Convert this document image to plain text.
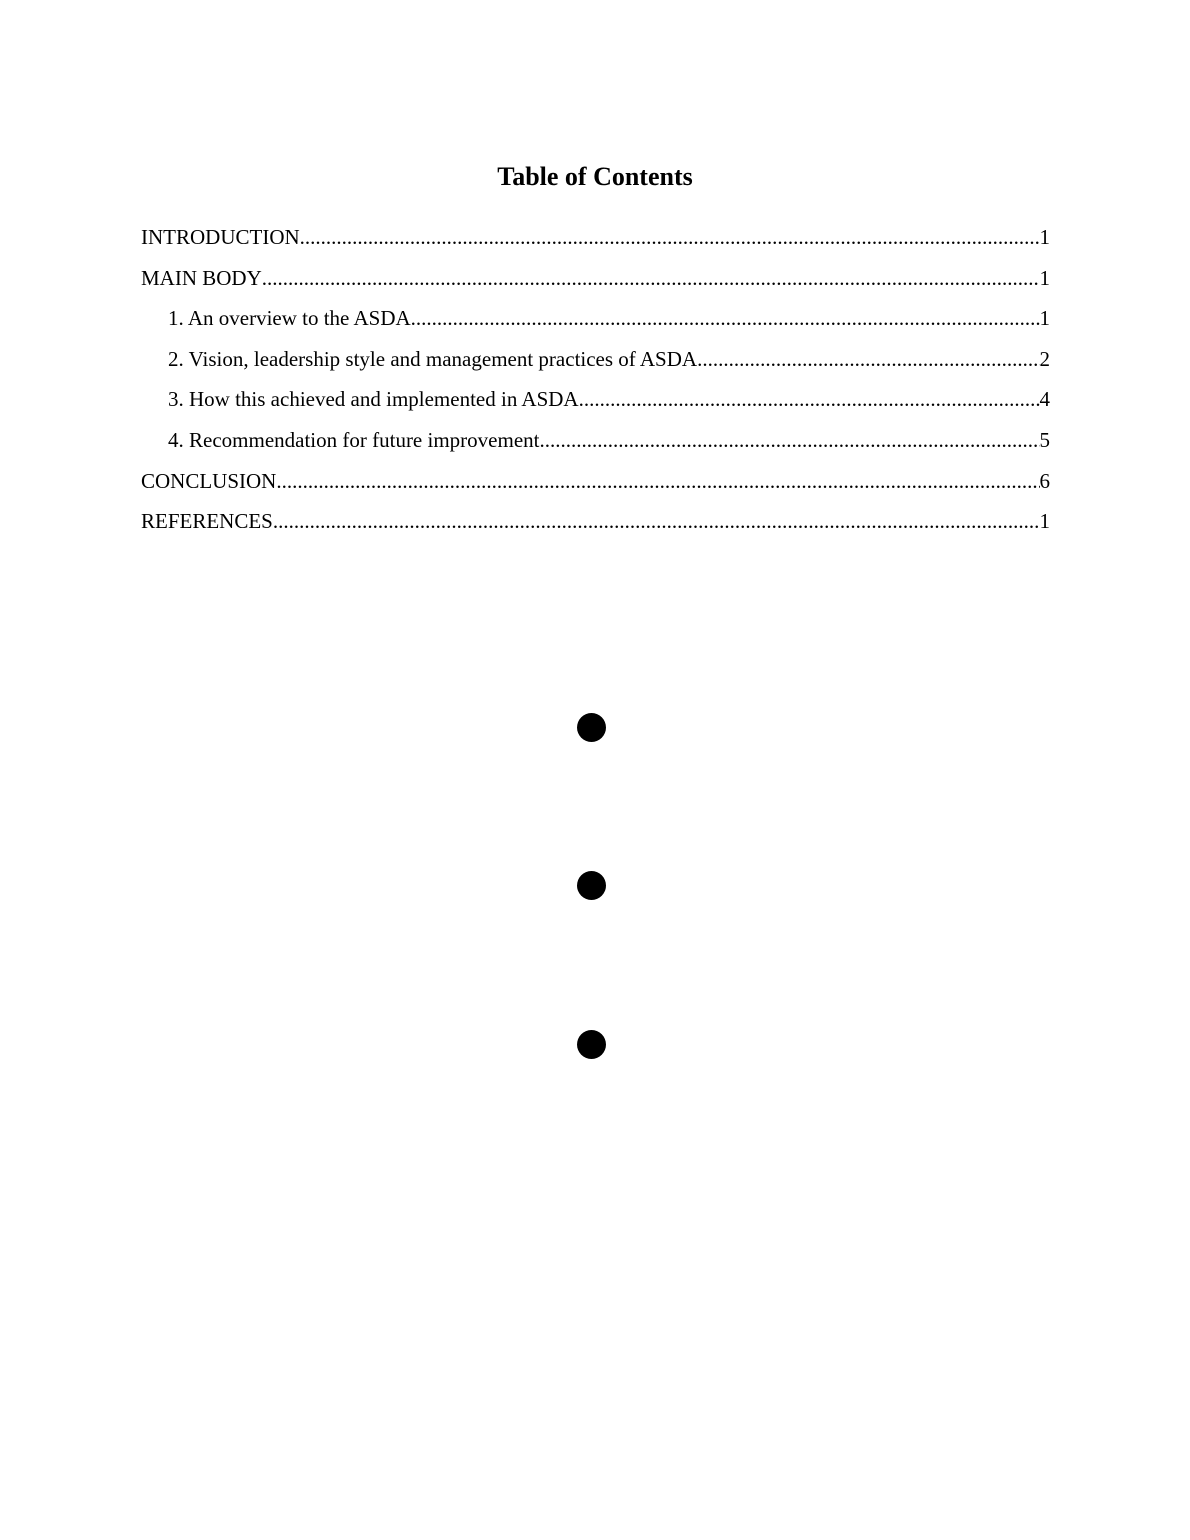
Table of Contents
INTRODUCTION .....	1
MAIN BODY .....	1
1. An overview to the ASDA .....	1
2. Vision, leadership style and management practices of ASDA .....	2
3. How this achieved and implemented in ASDA .....	4
4. Recommendation for future improvement .....	5
CONCLUSION .....	6
REFERENCES .....	1
